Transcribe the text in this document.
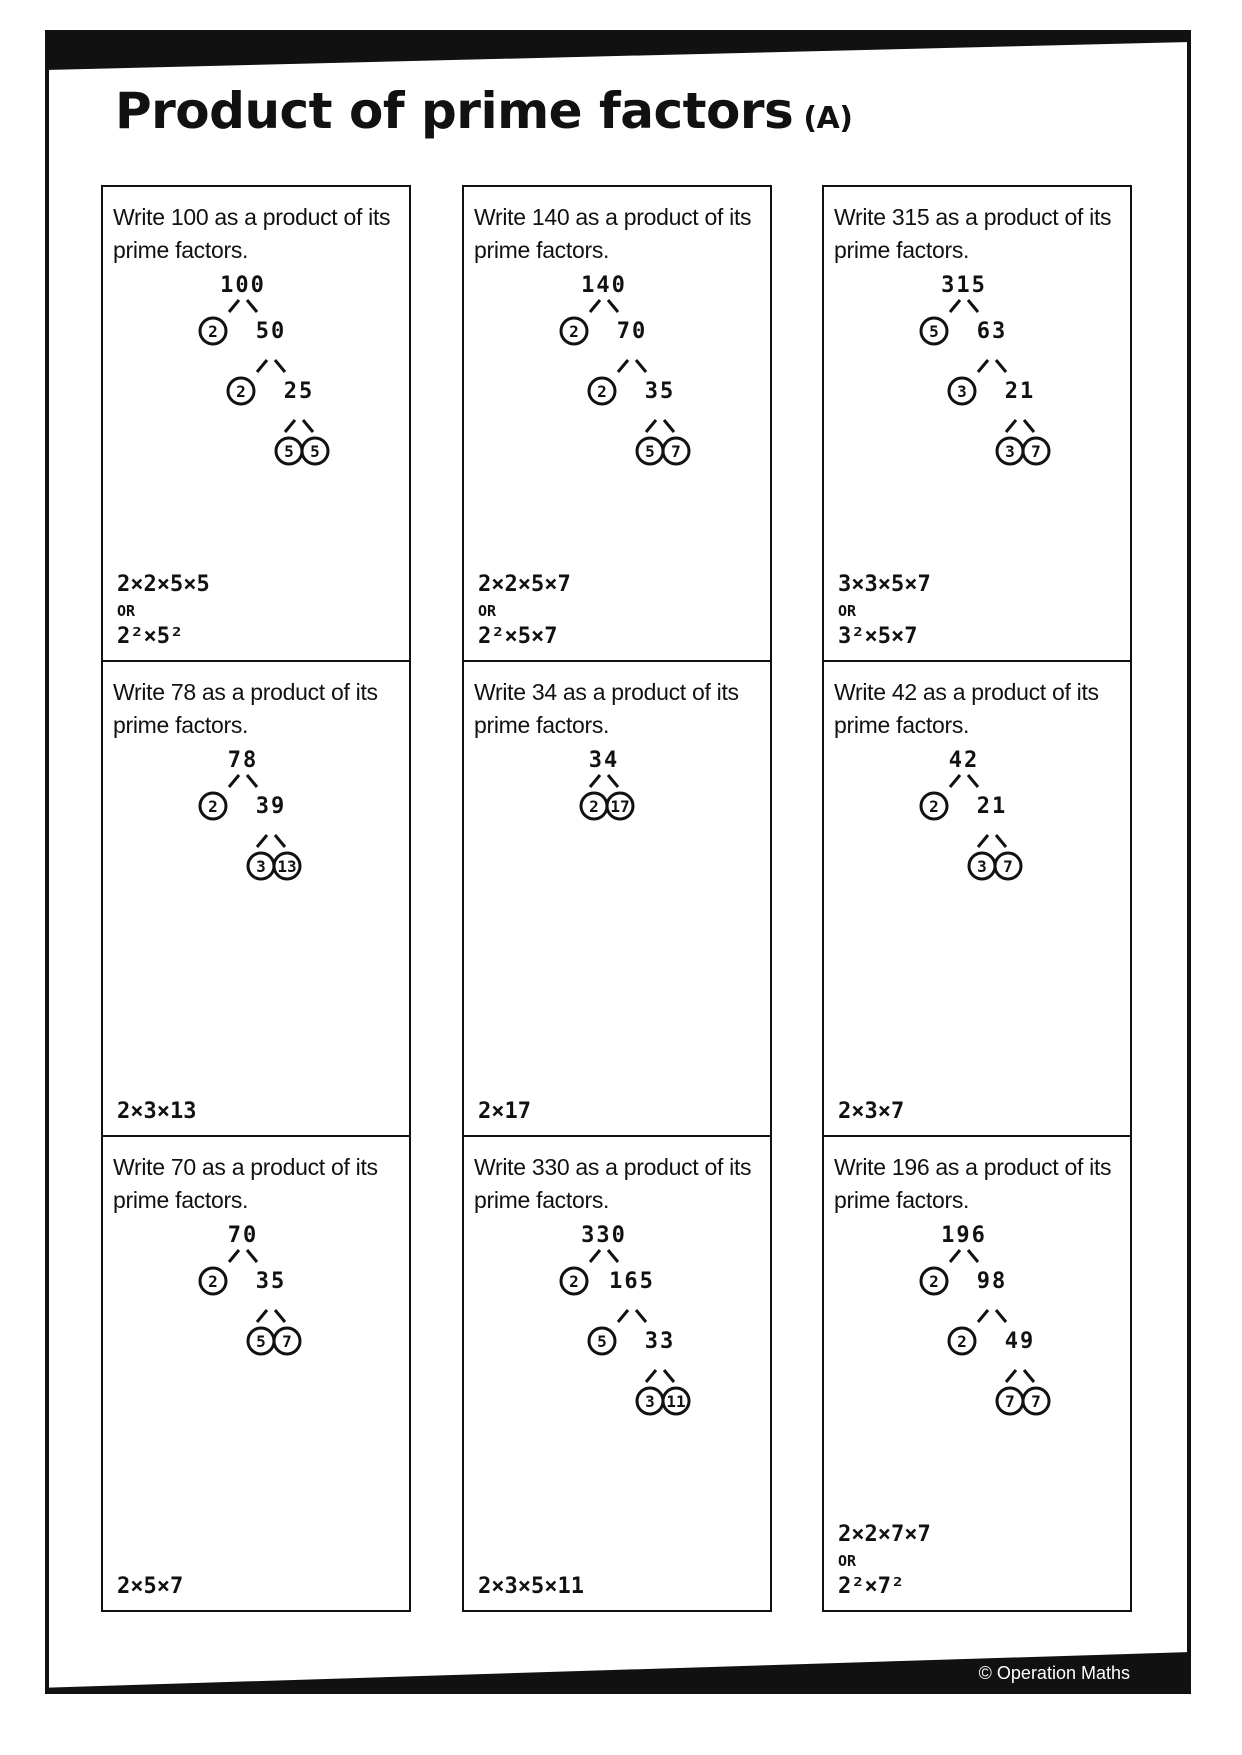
Product of prime factors (A)

Write 100 as a product of its prime factors.

100
2 50
2 25
5 5

2×2×5×5
OR
2²×5²

Write 78 as a product of its prime factors.

78
2 39
3 13

2×3×13

Write 70 as a product of its prime factors.

70
2 35
5 7

2×5×7

Write 140 as a product of its prime factors.

140
2 70
2 35
5 7

2×2×5×7
OR
2²×5×7

Write 34 as a product of its prime factors.

34
2 17

2×17

Write 330 as a product of its prime factors.

330
2 165
5 33
3 11

2×3×5×11

Write 315 as a product of its prime factors.

315
5 63
3 21
3 7

3×3×5×7
OR
3²×5×7

Write 42 as a product of its prime factors.

42
2 21
3 7

2×3×7

Write 196 as a product of its prime factors.

196
2 98
2 49
7 7

2×2×7×7
OR
2²×7²

© Operation Maths
